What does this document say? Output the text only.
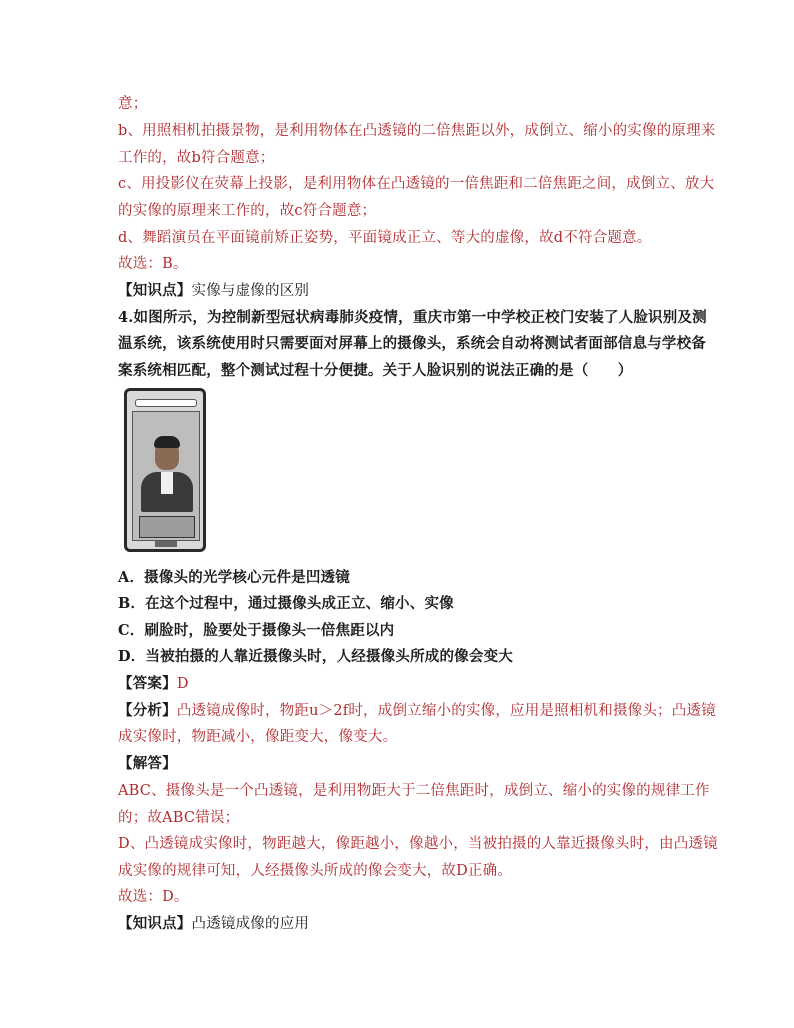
意；
b、用照相机拍摄景物，是利用物体在凸透镜的二倍焦距以外，成倒立、缩小的实像的原理来
工作的，故b符合题意；
c、用投影仪在荧幕上投影，是利用物体在凸透镜的一倍焦距和二倍焦距之间，成倒立、放大
的实像的原理来工作的，故c符合题意；
d、舞蹈演员在平面镜前矫正姿势，平面镜成正立、等大的虚像，故d不符合题意。
故选：B。
【知识点】实像与虚像的区别
4.如图所示，为控制新型冠状病毒肺炎疫情，重庆市第一中学校正校门安装了人脸识别及测
温系统，该系统使用时只需要面对屏幕上的摄像头，系统会自动将测试者面部信息与学校备
案系统相匹配，整个测试过程十分便捷。关于人脸识别的说法正确的是（　　）
A．摄像头的光学核心元件是凹透镜
B．在这个过程中，通过摄像头成正立、缩小、实像
C．刷脸时，脸要处于摄像头一倍焦距以内
D．当被拍摄的人靠近摄像头时，人经摄像头所成的像会变大
【答案】D
【分析】凸透镜成像时，物距u＞2f时，成倒立缩小的实像，应用是照相机和摄像头；凸透镜
成实像时，物距减小，像距变大，像变大。
【解答】
ABC、摄像头是一个凸透镜，是利用物距大于二倍焦距时，成倒立、缩小的实像的规律工作
的；故ABC错误；
D、凸透镜成实像时，物距越大，像距越小，像越小，当被拍摄的人靠近摄像头时，由凸透镜
成实像的规律可知，人经摄像头所成的像会变大，故D正确。
故选：D。
【知识点】凸透镜成像的应用
